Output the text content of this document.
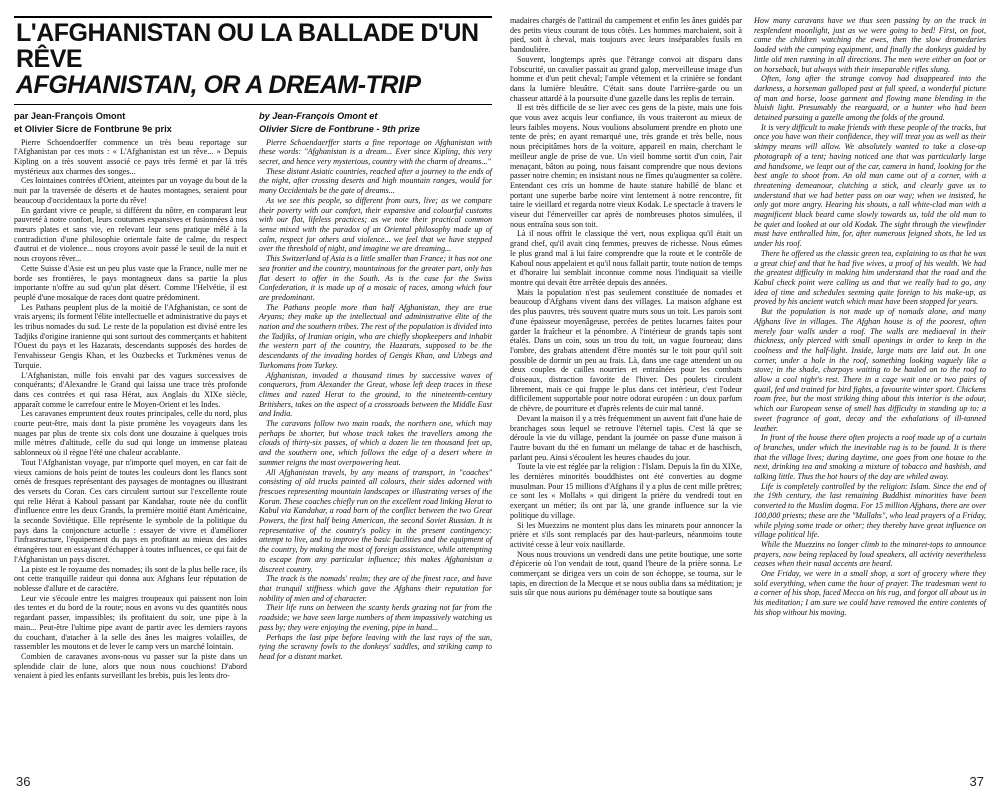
L'AFGHANISTAN OU LA BALLADE D'UN RÊVE
AFGHANISTAN, OR A DREAM-TRIP
par Jean-François Omont
et Olivier Sicre de Fontbrune 9e prix

Pierre Schoendoerffer commence un très beau reportage sur l'Afghanistan par ces mots : « L'Afghanistan est un rêve... » Depuis Kipling on a très souvent associé ce pays très fermé et par là très mystérieux aux charmes des songes...

Ces lointaines contrées d'Orient, atteintes par un voyage du bout de la nuit par la traversée de déserts et de hautes montagnes, seraient pour beaucoup d'occidentaux la porte du rêve!

En gardant vivre ce peuple, si différent du nôtre, en comparant leur pauvreté à notre confort, leurs coutumes expansives et fusionnées à nos mœurs plates et sans vie, en relevant leur sens pratique mêlé à la contradiction d'une philosophie orientale faite de calme, du respect d'autrui et de violence... nous croyons avoir passé le seuil de la nuit et nous croyons rêver...

Cette Suisse d'Asie est un peu plus vaste que la France, nulle mer ne borde ses frontières, le pays montagneux dans sa partie la plus importante n'offre au sud qu'un plat désert. Comme l'Helvétie, il est peuplé d'une mosaïque de races dont quatre prédominent.

Les Pathans peuplent plus de la moitié de l'Afghanistan, ce sont de vrais aryens; ils forment l'élite intellectuelle et administrative du pays et les tribus nomades du sud. Le reste de la population est divisé entre les Tadjiks d'origine iranienne qui sont surtout des commerçants et habitent l'Ouest du pays et les Hazarats, descendants supposés des hordes de l'envahisseur Gengis Khan, et les Ouzbecks et Turkmènes venus de Turquie.

L'Afghanistan, mille fois envahi par des vagues successives de conquérants; d'Alexandre le Grand qui laissa une trace très profonde dans ces contrées et qui rasa Hérat, aux Anglais du XIXe siècle, apparaît comme le carrefour entre le Moyen-Orient et les Indes.

Les caravanes empruntent deux routes principales, celle du nord, plus courte peut-être, mais dont la piste promène les voyageurs dans les nuages par plus de trente six cols dont une douzaine à quelques trois mille mètres d'altitude, celle du sud qui longe un immense plateau sablonneux où il règne l'été une chaleur accablante.

Tout l'Afghanistan voyage, par n'importe quel moyen, en car fait de vieux camions de bois peint de toutes les couleurs dont les flancs sont ornés de fresques représentant des paysages de montagnes ou illustrant des versets du Coran. Ces cars circulent surtout sur l'excellente route qui relie Hérat à Kaboul passant par Kandahar, route née du conflit d'influence entre les deux Grands, la première moitié étant Américaine, la seconde Soviétique. Elle représente le symbole de la politique du pays dans la conjoncture actuelle : essayer de vivre et d'améliorer l'infrastructure, l'équipement du pays en profitant au mieux des aides étrangères tout en essayant d'échapper à toutes influences, ce qui fait de l'Afghanistan un pays discret.

La piste est le royaume des nomades; ils sont de la plus belle race, ils ont cette tranquille raideur qui donna aux Afghans leur réputation de noblesse d'allure et de caractère.

Leur vie s'écoule entre les maigres troupeaux qui paissent non loin des tentes et du bord de la route; nous en avons vu des quantités nous regardant passer, impassibles; ils profitaient du soir, une pipe à la main... Peut-être l'ultime pipe avant de partir avec les derniers rayons du couchant, d'atacher à la selle des ânes les maigres volailles, de rassembler les moutons et de lever le camp vers un marché lointain.

Combien de caravanes avons-nous vu passer sur la piste dans un splendide clair de lune, alors que nous nous couchions! D'abord venaient à pied les enfants surveillant les brebis, puis les lents dro-

by Jean-François Omont et
Olivier Sicre de Fontbrune - 9th prize

Pierre Schoendaerffer starts a fine reportage on Afghanistan with these words: "Afghanistan is a dream... Ever since Kipling, this very secret, and hence very mysterious, country with the charm of dreams..."

These distant Asiatic countries, reached after a journey to the ends of the night, after crossing deserts and high mountain ranges, would for many Occidentals be the gate of dreams...

As we see this people, so different from ours, live; as we compare their poverty with our comfort, their expansive and colourful customs with our flat, lifeless practices; as we note their practical common sense mixed with the paradox of an Oriental philosophy made up of calm, respect for others and violence... we feel that we have stepped over the threshold of night, and imagine we are dreaming...

This Switzerland of Asia is a little smaller than France; it has not one sea frontier and the country, mountainous for the greater part, only has flat desert to offer in the South. As is the case for the Swiss Confederation, it is made up of a mosaic of races, among which four are predominant.

The Pathans people more than half Afghanistan, they are true Aryans; they make up the intellectual and administrative élite of the nation and the southern tribes. The rest of the population is divided into the Tadjiks, of Iranian origin, who are chiefly shopkeepers and inhabit the western part of the country, the Hazarats, supposed to be the descendants of the invading hordes of Gengis Khan, and Uzbegs and Turkomans from Turkey.

Afghanistan, invaded a thousand times by successive waves of conquerors, from Alexander the Great, whose left deep traces in these climes and razed Herat to the ground, to the nineteenth-century Britishers, takes on the aspect of a crossroads between the Middle East and India.

The caravans follow two main roads, the northern one, which may perhaps be shorter, but whose track takes the travellers among the clouds of thirty-six passes, of which a dozen lie ten thousand feet up, and the southern one, which follows the edge of a desert where in summer reigns the most overpowering heat.

All Afghanistan travels, by any means of transport, in "coaches" consisting of old trucks painted all colours, their sides adorned with frescoes representing mountain landscapes or illustrating verses of the Koran. These coaches chiefly run on the excellent road linking Herat to Kabul via Kandahar, a road born of the conflict between the two Great Powers, the first half being American, the second Soviet Russian. It is representative of the country's policy in the present contingency: attempt to live, and to improve the basic facilities and the equipment of the country, by making the most of foreign assistance, while attempting to escape from any particular influence; this makes Afghanistan a discreet country.

The track is the nomads' realm; they are of the finest race, and have that tranquil stiffness which gave the Afghans their reputation for nobility of mien and of character.

Their life runs on between the scanty herds grazing not far from the roadside; we have seen large numbers of them impassively watching us pass by; they were enjoying the evening, pipe in hand...

Perhaps the last pipe before leaving with the last rays of the sun, tying the scrawny fowls to the donkeys' saddles, and striking camp to head for a distant market.

madaires chargés de l'attirail du campement et enfin les ânes guidés par des petits vieux courant de tous côtés. Les hommes marchaient, soit à pied, soit à cheval, mais toujours avec leurs inséparables fusils en bandoulière.

Souvent, longtemps après que l'étrange convoi ait disparu dans l'obscurité, un cavalier passait au grand galop, merveilleuse image d'un homme et d'un petit cheval; l'ample vêtement et la crinière se fondant dans la lumière bleuâtre. C'était sans doute l'arrière-garde ou un chasseur attardé à la poursuite d'une gazelle dans les replis de terrain.

Il est très difficile de se lier avec ces gens de la piste, mais une fois que vous avez acquis leur confiance, ils vous traiteront au mieux de leurs faibles moyens. Nous voulions absolument prendre en photo une tente de près; en ayant remarqué une, très grande et très belle, nous nous précipitâmes hors de la voiture, appareil en main, cherchant le meilleur angle de prise de vue. Un vieil homme sortit d'un coin, l'air menaçant, bâton au poing, nous faisant comprendre que nous devions passer notre chemin; en insistant nous ne fîmes qu'augmenter sa colère. Entendant ces cris un homme de haute stature habillé de blanc et portant une superbe barbe noire vint lentement à notre rencontre, fit taire le vieillard et regarda notre vieux Kodak. Le spectacle à travers le viseur dut l'émerveiller car après de nombreuses photos simulées, il nous entraîna sous son toit.

Là il nous offrit le classique thé vert, nous expliqua qu'il était un grand chef, qu'il avait cinq femmes, preuves de richesse. Nous eûmes le plus grand mal à lui faire comprendre que la route et le contrôle de Kaboul nous appelaient et qu'il nous fallait partir, toute notion de temps et d'horaire lui semblait inconnue comme nous l'indiquait sa vieille montre qui devait être arrêtée depuis des années.

Mais la population n'est pas seulement constituée de nomades et beaucoup d'Afghans vivent dans des villages. La maison afghane est des plus pauvres, très souvent quatre murs sous un toit. Les parois sont d'une épaisseur moyenâgeuse, percées de petites lucarnes faites pour garder la fraîcheur et la pénombre. A l'intérieur de grands tapis sont étalés. Dans un coin, sous un trou du toit, un vague fourneau; dans l'ombre, des grabats attendent d'être montés sur le toit pour qu'il soit possible de dormir un peu au frais. Là, dans une cage attendent un ou deux couples de cailles nourries et entraînées pour les combats d'oiseaux, distraction favorite de l'hiver. Des poulets circulent librement, mais ce qui frappe le plus dans cet intérieur, c'est l'odeur difficilement supportable pour notre odorat européen : un doux parfum de chèvre, de pourriture et d'après relents de cuir mal tanné.

Devant la maison il y a très fréquemment un auvent fait d'une haie de branchages sous lequel se retrouve l'éternel tapis. C'est là que se déroule la vie du village, pendant la journée on passe d'une maison à l'autre buvant du thé en fumant un mélange de tabac et de haschisch, parlant peu. Ainsi s'écoulent les heures chaudes du jour.

Toute la vie est réglée par la religion : l'Islam. Depuis la fin du XIXe, les dernières minorités bouddhistes ont été converties au dogme musulman. Pour 15 millions d'Afghans il y a plus de cent mille prêtres; ce sont les « Mollahs » qui dirigent la prière du vendredi tout en exerçant un métier; ils ont par là, une grande influence sur la vie politique du village.

Si les Muezzins ne montent plus dans les minarets pour annoncer la prière et s'ils sont remplacés par des haut-parleurs, néanmoins toute activité cesse à leur voix nasillarde.

Nous nous trouvions un vendredi dans une petite boutique, une sorte d'épicerie où l'on vendait de tout, quand l'heure de la prière sonna. Le commerçant se dirigea vers un coin de son échoppe, se tourna, sur le tapis, en direction de la Mecque et se nous oublia dans sa méditation; je suis sûr que nous aurions pu déménager toute sa boutique sans

How many caravans have we thus seen passing by on the track in resplendent moonlight, just as we were going to bed! First, on foot, came the children watching the ewes, then the slow dromedaries loaded with the camping equipment, and finally the donkeys guided by little old men running in all directions. The men were either on foot or on horseback, but always with their inseparable rifles slung.

Often, long after the strange convoy had disappeared into the darkness, a horseman galloped past at full speed, a wonderful picture of man and horse, loose garment and flowing mane blending in the bluish light. Presumably the rearguard, or a hunter who had been detained pursuing a gazelle among the folds of the ground.

It is very difficult to make friends with these people of the tracks, but once you have won their confidence, they will treat you as well as their skimpy means will allow. We absolutely wanted to take a close-up photograph of a tent; having noticed one that was particularly large and handsome, we leapt out of the car, camera in hand, looking for the best angle to shoot from. An old man came out of a corner, with a threatening demeanour, clutching a stick, and clearly gave us to understand that we had better pass on our way; when we insisted, he only got more angry. Hearing his shouts, a tall white-clad man with a magnificent black beard came slowly towards us, told the old man to be quiet and looked at our old Kodak. The sight through the viewfinder must have enthralled him, for, after numerous feigned shots, he led us under his roof.

There he offered us the classic green tea, explaining to us that he was a great chief and that he had five wives, a proof of his wealth. We had the greatest difficulty in making him understand that the road and the Kabul check point were calling us and that we really had to go, any idea of time and schedules seeming quite foreign to his make-up, as proved by his ancient watch which must have been stopped for years.

But the population is not made up of nomads alone, and many Afghans live in villages. The Afghan house is of the poorest, often merely four walls under a roof. The walls are mediaeval in their thickness, only pierced with small openings in order to keep in the coolness and the half-light. Inside, large mats are laid out. In one corner, under a hole in the roof, something looking vaguely like a stove; in the shade, charpoys waiting to be hauled on to the roof to allow a cool night's rest. There in a cage wait one or two pairs of quail, fed and trained for bird fights, a favourite winter sport. Chickens roam free, but the most striking thing about this interior is the odour, which our European sense of smell has difficulty in standing up to: a sweet fragrance of goat, decay and the exhalations of ill-tanned leather.

In front of the house there often projects a roof made up of a curtain of branches, under which the inevitable rug is to be found. It is there that the village lives; during daytime, one goes from one house to the next, drinking tea and smoking a mixture of tobacco and hashish, and talking little. Thus the hot hours of the day are whiled away.

Life is completely controlled by the religion: Islam. Since the end of the 19th century, the last remaining Buddhist minorities have been converted to the Muslim dogma. For 15 million Afghans, there are over 100,000 priests; these are the "Mullahs", who lead prayers of a Friday, while plying some trade or other; they thereby have great influence on village political life.

While the Muezzins no longer climb to the minaret-tops to announce prayers, now being replaced by loud speakers, all activity nevertheless ceases when their nasal accents are heard.

One Friday, we were in a small shop, a sort of grocery where they sold everything, when came the hour of prayer. The tradesman went to a corner of his shop, faced Mecca on his rug, and forgot all about us in his meditation; I am sure we could have removed the entire contents of his shop without his moving.

36	37
